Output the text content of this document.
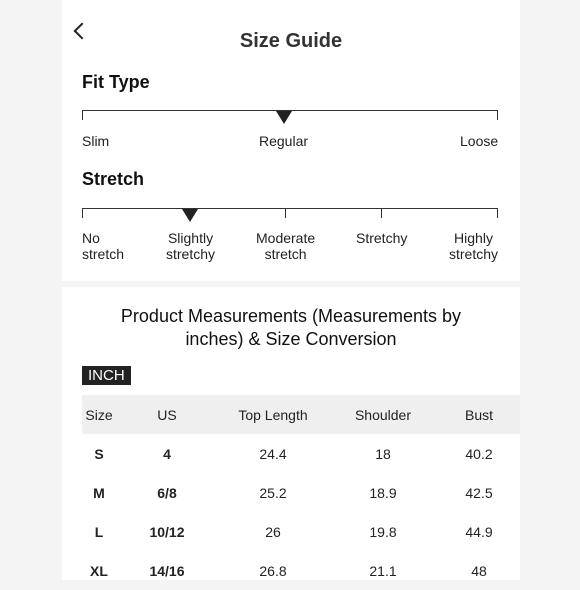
Size Guide
Fit Type
Slim	Regular	Loose
Stretch
No
stretch
Slightly
stretchy
Moderate
stretch
Stretchy	Highly
stretchy
Product Measurements (Measurements by inches) & Size Conversion
INCH
Size	US	Top Length	Shoulder	Bust
S	4	24.4	18	40.2
M	6/8	25.2	18.9	42.5
L	10/12	26	19.8	44.9
XL	14/16	26.8	21.1	48
